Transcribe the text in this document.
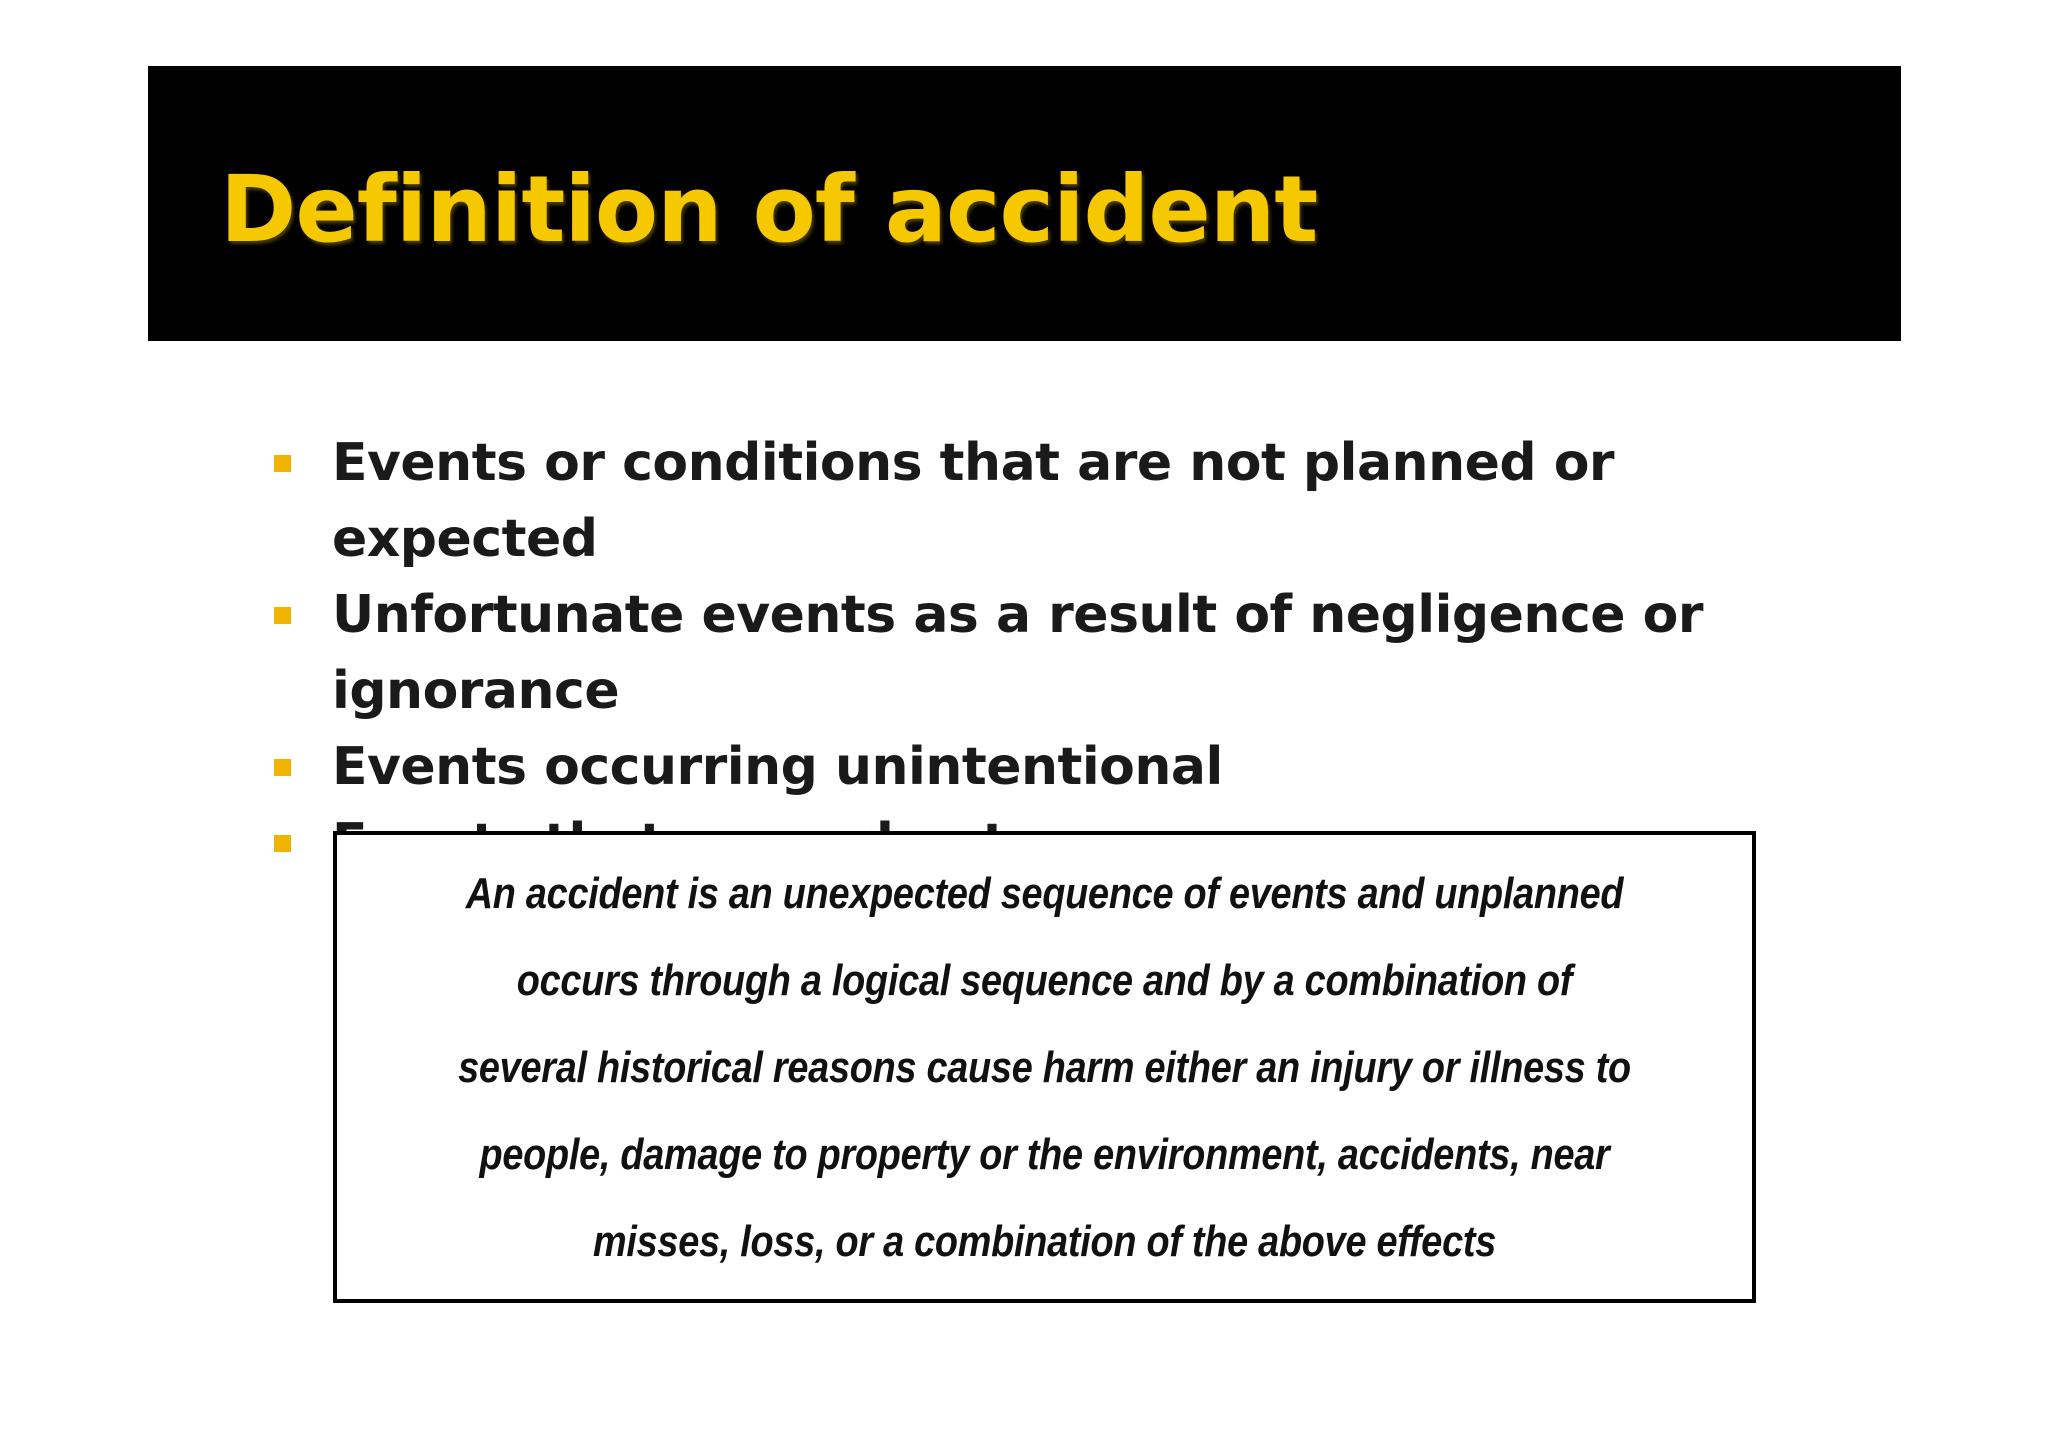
Definition of accident
Events or conditions that are not planned or expected
Unfortunate events as a result of negligence or ignorance
Events occurring unintentional

An accident is an unexpected sequence of events and unplanned occurs through a logical sequence and by a combination of several historical reasons cause harm either an injury or illness to people, damage to property or the environment, accidents, near misses, loss, or a combination of the above effects
